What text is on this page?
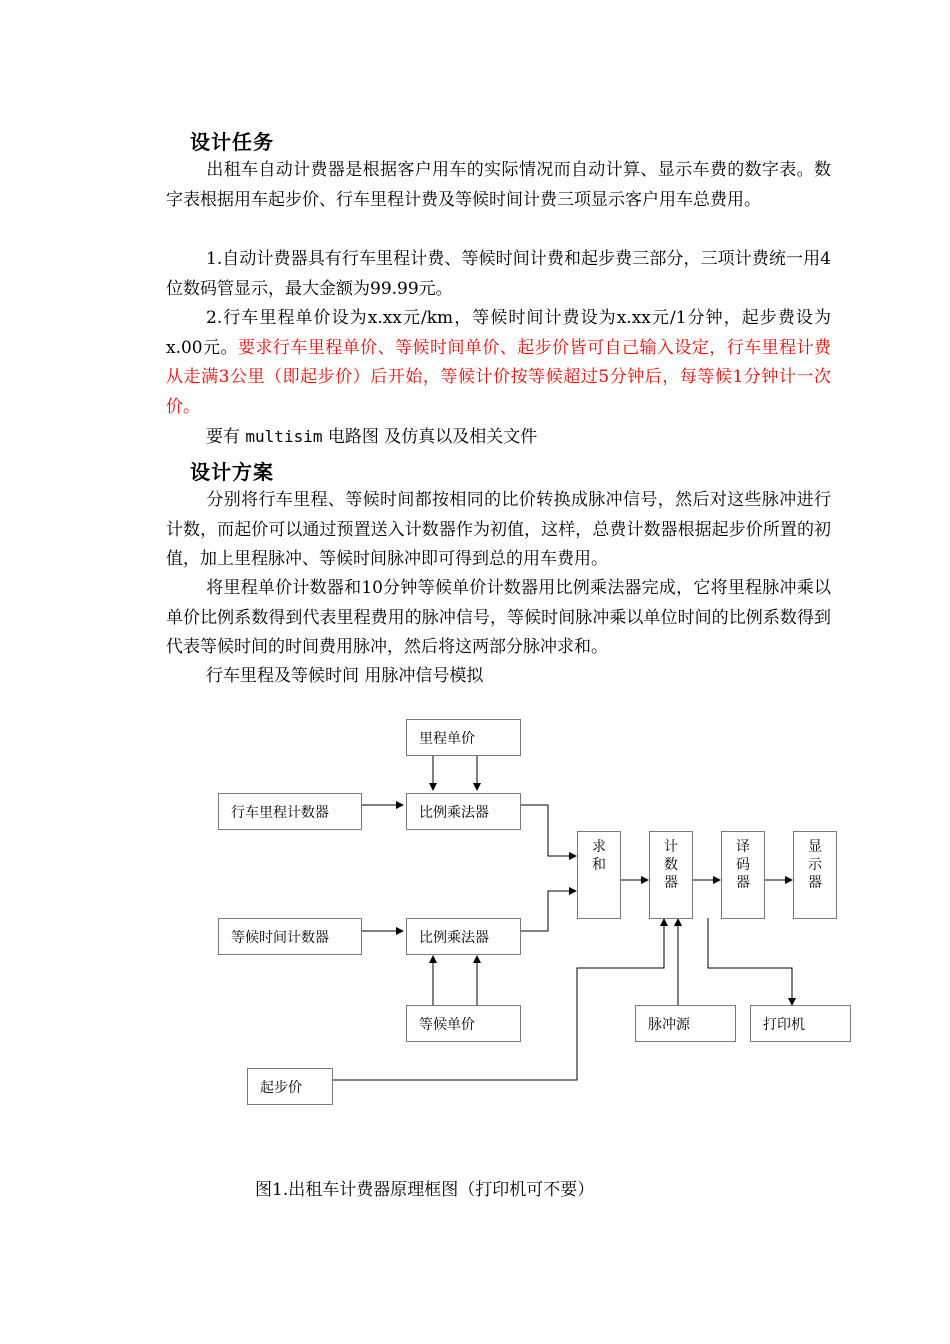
设计任务
出租车自动计费器是根据客户用车的实际情况而自动计算、显示车费的数字表。数字表根据用车起步价、行车里程计费及等候时间计费三项显示客户用车总费用。
1.自动计费器具有行车里程计费、等候时间计费和起步费三部分，三项计费统一用4位数码管显示，最大金额为99.99元。
2.行车里程单价设为x.xx元/km，等候时间计费设为x.xx元/1分钟，起步费设为x.00元。要求行车里程单价、等候时间单价、起步价皆可自己输入设定，行车里程计费从走满3公里（即起步价）后开始，等候计价按等候超过5分钟后，每等候1分钟计一次价。
要有 multisim 电路图 及仿真以及相关文件
设计方案
分别将行车里程、等候时间都按相同的比价转换成脉冲信号，然后对这些脉冲进行计数，而起价可以通过预置送入计数器作为初值，这样，总费计数器根据起步价所置的初值，加上里程脉冲、等候时间脉冲即可得到总的用车费用。
将里程单价计数器和10分钟等候单价计数器用比例乘法器完成，它将里程脉冲乘以单价比例系数得到代表里程费用的脉冲信号，等候时间脉冲乘以单位时间的比例系数得到代表等候时间的时间费用脉冲，然后将这两部分脉冲求和。
行车里程及等候时间 用脉冲信号模拟
里程单价
行车里程计数器	比例乘法器
等候时间计数器	比例乘法器
等候单价
求和
计数器
译码器
显示器
脉冲源	打印机
起步价
图1.出租车计费器原理框图（打印机可不要）
